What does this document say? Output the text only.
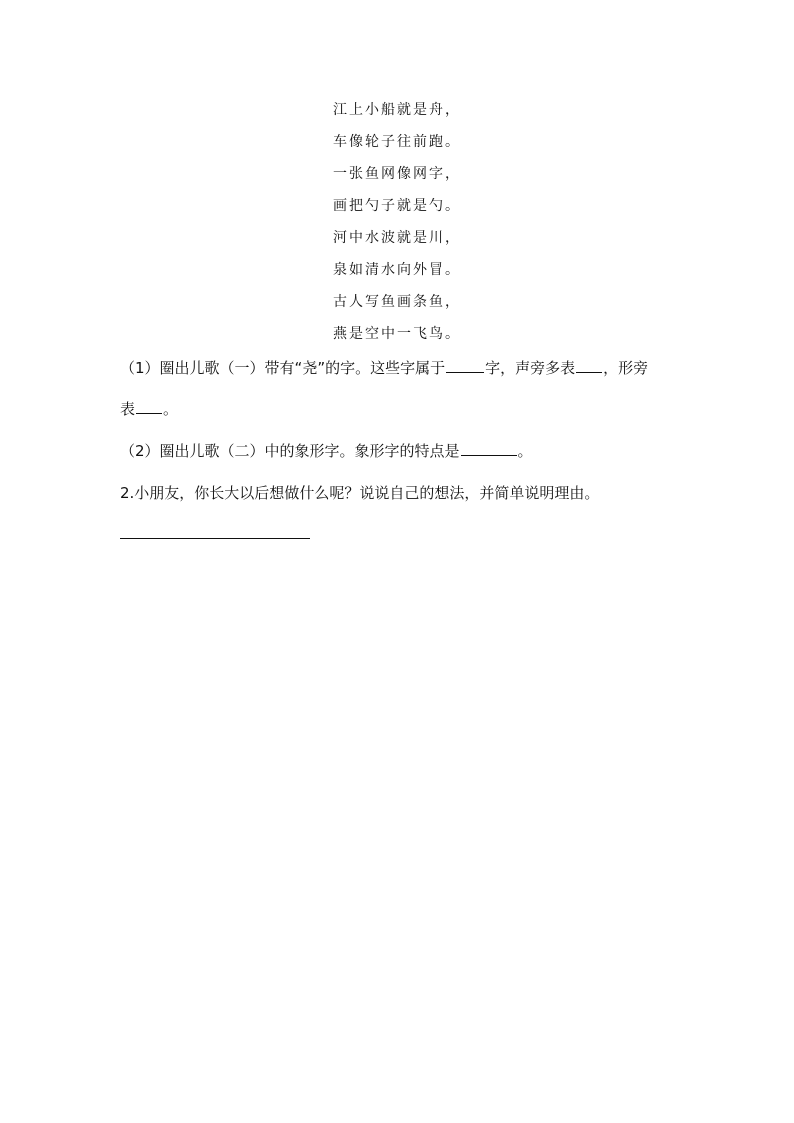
江上小船就是舟，
车像轮子往前跑。
一张鱼网像网字，
画把勺子就是勺。
河中水波就是川，
泉如清水向外冒。
古人写鱼画条鱼，
燕是空中一飞鸟。
（1）圈出儿歌（一）带有“尧”的字。这些字属于	字，声旁多表 ，形旁
表 。
（2）圈出儿歌（二）中的象形字。象形字的特点是	。
2.小朋友，你长大以后想做什么呢？说说自己的想法，并简单说明理由。
